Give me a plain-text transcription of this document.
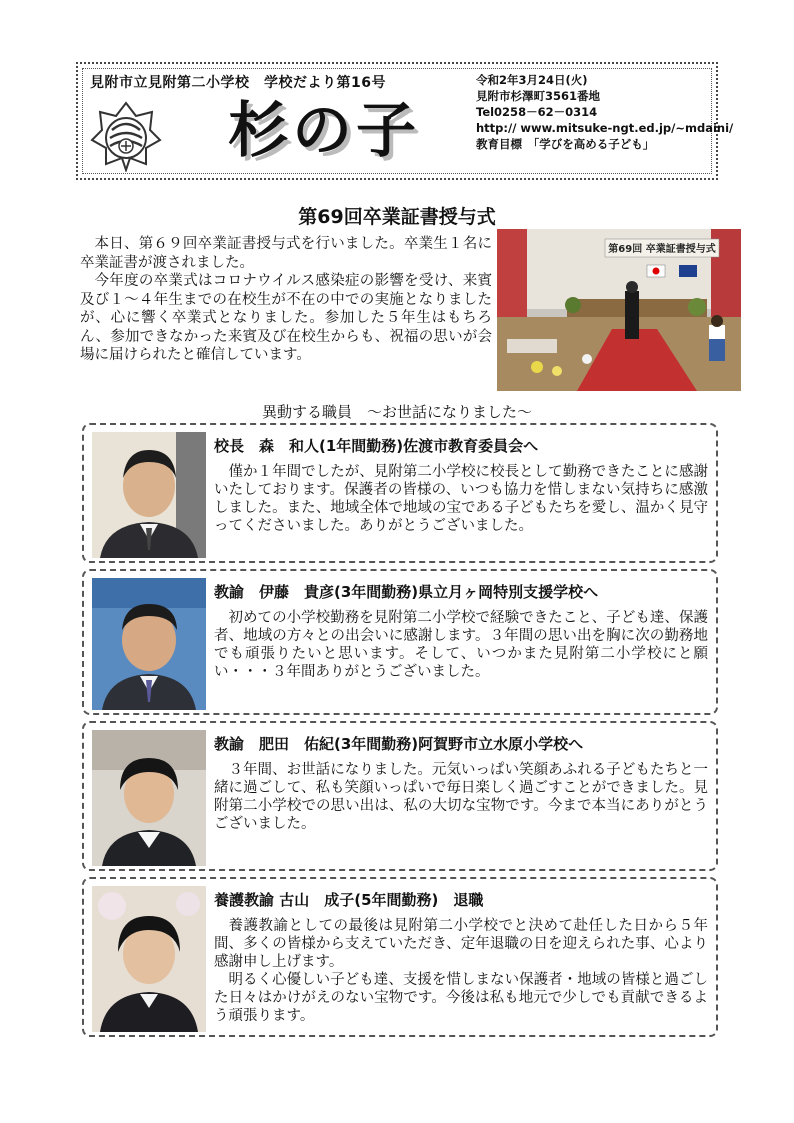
見附市立見附第二小学校　学校だより第16号
杉の子
令和2年3月24日(火)
見附市杉澤町3561番地
Tel0258－62－0314
http:// www.mitsuke-ngt.ed.jp/~mdaini/
教育目標　「学びを高める子ども」
第69回卒業証書授与式

本日、第６９回卒業証書授与式を行いました。卒業生１名に卒業証書が渡されました。

今年度の卒業式はコロナウイルス感染症の影響を受け、来賓及び１～４年生までの在校生が不在の中での実施となりましたが、心に響く卒業式となりました。参加した５年生はもちろん、参加できなかった来賓及び在校生からも、祝福の思いが会場に届けられたと確信しています。

第69回 卒業証書授与式
異動する職員　～お世話になりました～
校長　森　和人(1年間勤務)佐渡市教育委員会へ

僅か１年間でしたが、見附第二小学校に校長として勤務できたことに感謝いたしております。保護者の皆様の、いつも協力を惜しまない気持ちに感激しました。また、地域全体で地域の宝である子どもたちを愛し、温かく見守ってくださいました。ありがとうございました。

教諭　伊藤　貴彦(3年間勤務)県立月ヶ岡特別支援学校へ

初めての小学校勤務を見附第二小学校で経験できたこと、子ども達、保護者、地域の方々との出会いに感謝します。３年間の思い出を胸に次の勤務地でも頑張りたいと思います。そして、いつかまた見附第二小学校にと願い・・・３年間ありがとうございました。

教諭　肥田　佑紀(3年間勤務)阿賀野市立水原小学校へ

３年間、お世話になりました。元気いっぱい笑顔あふれる子どもたちと一緒に過ごして、私も笑顔いっぱいで毎日楽しく過ごすことができました。見附第二小学校での思い出は、私の大切な宝物です。今まで本当にありがとうございました。

養護教諭 古山　成子(5年間勤務)　退職

養護教諭としての最後は見附第二小学校でと決めて赴任した日から５年間、多くの皆様から支えていただき、定年退職の日を迎えられた事、心より感謝申し上げます。

明るく心優しい子ども達、支援を惜しまない保護者・地域の皆様と過ごした日々はかけがえのない宝物です。今後は私も地元で少しでも貢献できるよう頑張ります。
